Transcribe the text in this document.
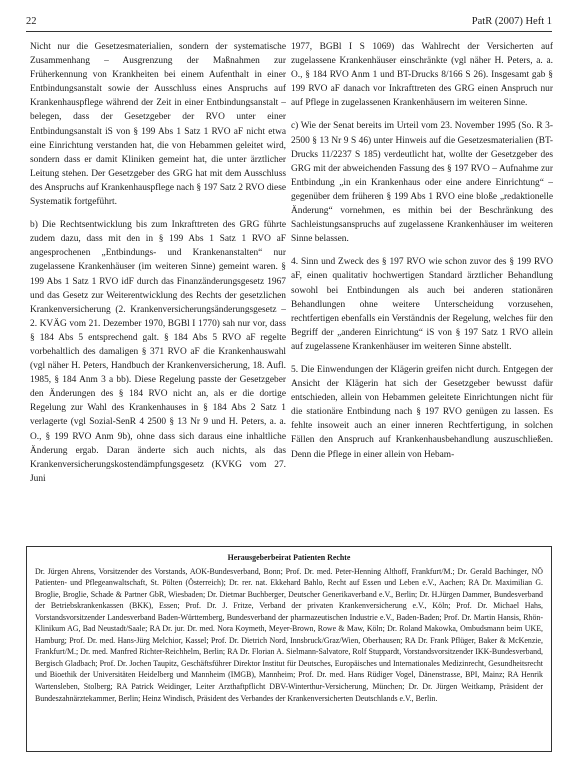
22	PatR (2007) Heft 1

Nicht nur die Gesetzesmaterialien, sondern der systematische Zusammenhang – Ausgrenzung der Maßnahmen zur Früherkennung von Krankheiten bei einem Aufenthalt in einer Entbindungsanstalt sowie der Ausschluss eines Anspruchs auf Krankenhauspflege während der Zeit in einer Entbindungsanstalt – belegen, dass der Gesetzgeber der RVO unter einer Entbindungsanstalt iS von § 199 Abs 1 Satz 1 RVO aF nicht etwa eine Einrichtung verstanden hat, die von Hebammen geleitet wird, sondern dass er damit Kliniken gemeint hat, die unter ärztlicher Leitung stehen. Der Gesetzgeber des GRG hat mit dem Ausschluss des Anspruchs auf Krankenhauspflege nach § 197 Satz 2 RVO diese Systematik fortgeführt.

b) Die Rechtsentwicklung bis zum Inkrafttreten des GRG führte zudem dazu, dass mit den in § 199 Abs 1 Satz 1 RVO aF angesprochenen „Entbindungs- und Krankenanstalten“ nur zugelassene Krankenhäuser (im weiteren Sinne) gemeint waren. § 199 Abs 1 Satz 1 RVO idF durch das Finanzänderungsgesetz 1967 und das Gesetz zur Weiterentwicklung des Rechts der gesetzlichen Krankenversicherung (2. Krankenversicherungsänderungsgesetz – 2. KVÄG vom 21. Dezember 1970, BGBl I 1770) sah nur vor, dass § 184 Abs 5 entsprechend galt. § 184 Abs 5 RVO aF regelte vorbehaltlich des damaligen § 371 RVO aF die Krankenhauswahl (vgl näher H. Peters, Handbuch der Krankenversicherung, 18. Aufl. 1985, § 184 Anm 3 a bb). Diese Regelung passte der Gesetzgeber den Änderungen des § 184 RVO nicht an, als er die dortige Regelung zur Wahl des Krankenhauses in § 184 Abs 2 Satz 1 verlagerte (vgl Sozial-SenR 4 2500 § 13 Nr 9 und H. Peters, a. a. O., § 199 RVO Anm 9b), ohne dass sich daraus eine inhaltliche Änderung ergab. Daran änderte sich auch nichts, als das Krankenversicherungskostendämpfungsgesetz (KVKG vom 27. Juni

1977, BGBl I S 1069) das Wahlrecht der Versicherten auf zugelassene Krankenhäuser einschränkte (vgl näher H. Peters, a. a. O., § 184 RVO Anm 1 und BT-Drucks 8/166 S 26). Insgesamt gab § 199 RVO aF danach vor Inkrafttreten des GRG einen Anspruch nur auf Pflege in zugelassenen Krankenhäusern im weiteren Sinne.

c) Wie der Senat bereits im Urteil vom 23. November 1995 (So. R 3-2500 § 13 Nr 9 S 46) unter Hinweis auf die Gesetzesmaterialien (BT-Drucks 11/2237 S 185) verdeutlicht hat, wollte der Gesetzgeber des GRG mit der abweichenden Fassung des § 197 RVO – Aufnahme zur Entbindung „in ein Krankenhaus oder eine andere Einrichtung“ – gegenüber dem früheren § 199 Abs 1 RVO eine bloße „redaktionelle Änderung“ vornehmen, es mithin bei der Beschränkung des Sachleistungsanspruchs auf zugelassene Krankenhäuser im weiteren Sinne belassen.

4. Sinn und Zweck des § 197 RVO wie schon zuvor des § 199 RVO aF, einen qualitativ hochwertigen Standard ärztlicher Behandlung sowohl bei Entbindungen als auch bei anderen stationären Behandlungen ohne weitere Unterscheidung vorzusehen, rechtfertigen ebenfalls ein Verständnis der Regelung, welches für den Begriff der „anderen Einrichtung“ iS von § 197 Satz 1 RVO allein auf zugelassene Krankenhäuser im weiteren Sinne abstellt.

5. Die Einwendungen der Klägerin greifen nicht durch. Entgegen der Ansicht der Klägerin hat sich der Gesetzgeber bewusst dafür entschieden, allein von Hebammen geleitete Einrichtungen nicht für die stationäre Entbindung nach § 197 RVO genügen zu lassen. Es fehlte insoweit auch an einer inneren Rechtfertigung, in solchen Fällen den Anspruch auf Krankenhausbehandlung auszuschließen. Denn die Pflege in einer allein von Hebam-

Herausgeberbeirat Patienten Rechte
Dr. Jürgen Ahrens, Vorsitzender des Vorstands, AOK-Bundesverband, Bonn; Prof. Dr. med. Peter-Henning Althoff, Frankfurt/M.; Dr. Gerald Bachinger, NÖ Patienten- und Pflegeanwaltschaft, St. Pölten (Österreich); Dr. rer. nat. Ekkehard Bahlo, Recht auf Essen und Leben e.V., Aachen; RA Dr. Maximilian G. Broglie, Broglie, Schade & Partner GbR, Wiesbaden; Dr. Dietmar Buchberger, Deutscher Generikaverband e.V., Berlin; Dr. H.Jürgen Dammer, Bundesverband der Betriebskrankenkassen (BKK), Essen; Prof. Dr. J. Fritze, Verband der privaten Krankenversicherung e.V., Köln; Prof. Dr. Michael Hahs, Vorstandsvorsitzender Landesverband Baden-Württemberg, Bundesverband der pharmazeutischen Industrie e.V., Baden-Baden; Prof. Dr. Martin Hansis, Rhön-Klinikum AG, Bad Neustadt/Saale; RA Dr. jur. Dr. med. Nora Koymeth, Meyer-Brown, Rowe & Maw, Köln; Dr. Roland Makowka, Ombudsmann beim UKE, Hamburg; Prof. Dr. med. Hans-Jürg Melchior, Kassel; Prof. Dr. Dietrich Nord, Innsbruck/Graz/Wien, Oberhausen; RA Dr. Frank Pflüger, Baker & McKenzie, Frankfurt/M.; Dr. med. Manfred Richter-Reichhelm, Berlin; RA Dr. Florian A. Sielmann-Salvatore, Rolf Stuppardt, Vorstandsvorsitzender IKK-Bundesverband, Bergisch Gladbach; Prof. Dr. Jochen Taupitz, Geschäftsführer Direktor Institut für Deutsches, Europäisches und Internationales Medizinrecht, Gesundheitsrecht und Bioethik der Universitäten Heidelberg und Mannheim (IMGB), Mannheim; Prof. Dr. med. Hans Rüdiger Vogel, Dänenstrasse, BPI, Mainz; RA Henrik Wartensleben, Stolberg; RA Patrick Weidinger, Leiter Arzthaftpflicht DBV-Winterthur-Versicherung, München; Dr. Dr. Jürgen Weitkamp, Präsident der Bundeszahnärztekammer, Berlin; Heinz Windisch, Präsident des Verbandes der Krankenversicherten Deutschlands e.V., Berlin.
